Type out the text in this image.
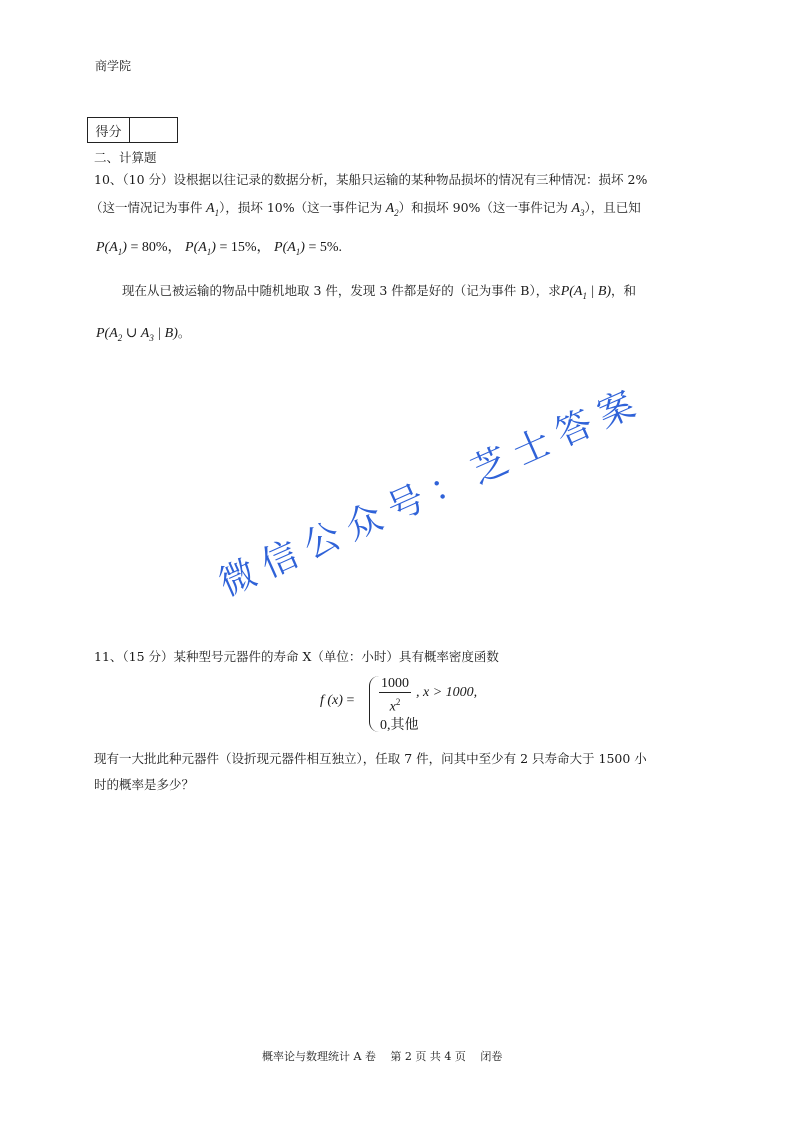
商学院
得分	
二、计算题
10、（10 分）设根据以往记录的数据分析，某船只运输的某种物品损坏的情况有三种情况：损坏 2%
（这一情况记为事件 $A_1$），损坏 10%（这一事件记为 $A_2$）和损坏 90%（这一事件记为 $A_3$），且已知
$P(A_1) = 80\%$， $P(A_1) = 15\%$， $P(A_1) = 5\%$.
现在从已被运输的物品中随机地取 3 件，发现 3 件都是好的（记为事件 B），求$P(A_1$ | B)，和
$P(A_2$ ∪ $A_3$ | B)。
微信公众号：芝士答案
11、（15 分）某种型号元器件的寿命 X（单位：小时）具有概率密度函数
f $(x) = \frac{1000}{x^2}$ , x > 1000,
0,其他
现有一大批此种元器件（设折现元器件相互独立），任取 7 件，问其中至少有 2 只寿命大于 1500 小
时的概率是多少？
概率论与数理统计 A 卷　 第 2 页 共 4 页　 闭卷
